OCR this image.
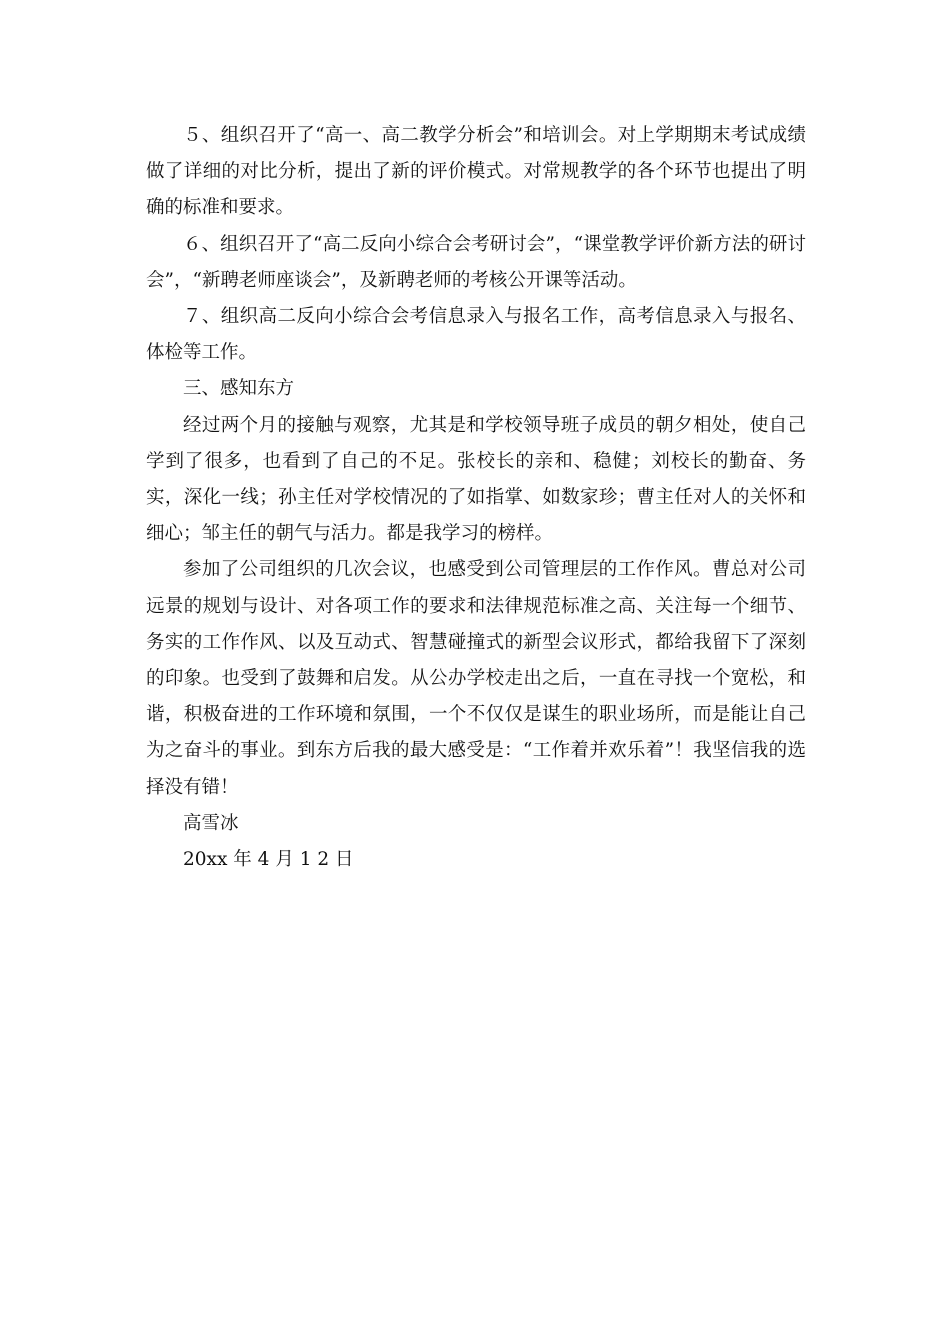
５、组织召开了“高一、高二教学分析会”和培训会。对上学期期末考试成绩做了详细的对比分析，提出了新的评价模式。对常规教学的各个环节也提出了明确的标准和要求。

６、组织召开了“高二反向小综合会考研讨会”，“课堂教学评价新方法的研讨会”，“新聘老师座谈会”，及新聘老师的考核公开课等活动。

７、组织高二反向小综合会考信息录入与报名工作，高考信息录入与报名、体检等工作。

三、感知东方

经过两个月的接触与观察，尤其是和学校领导班子成员的朝夕相处，使自己学到了很多，也看到了自己的不足。张校长的亲和、稳健；刘校长的勤奋、务实，深化一线；孙主任对学校情况的了如指掌、如数家珍；曹主任对人的关怀和细心；邹主任的朝气与活力。都是我学习的榜样。

参加了公司组织的几次会议，也感受到公司管理层的工作作风。曹总对公司远景的规划与设计、对各项工作的要求和法律规范标准之高、关注每一个细节、务实的工作作风、以及互动式、智慧碰撞式的新型会议形式，都给我留下了深刻的印象。也受到了鼓舞和启发。从公办学校走出之后，一直在寻找一个宽松，和谐，积极奋进的工作环境和氛围，一个不仅仅是谋生的职业场所，而是能让自己为之奋斗的事业。到东方后我的最大感受是：“工作着并欢乐着”！我坚信我的选择没有错！

高雪冰

20xx 年 4 月 1 2 日
